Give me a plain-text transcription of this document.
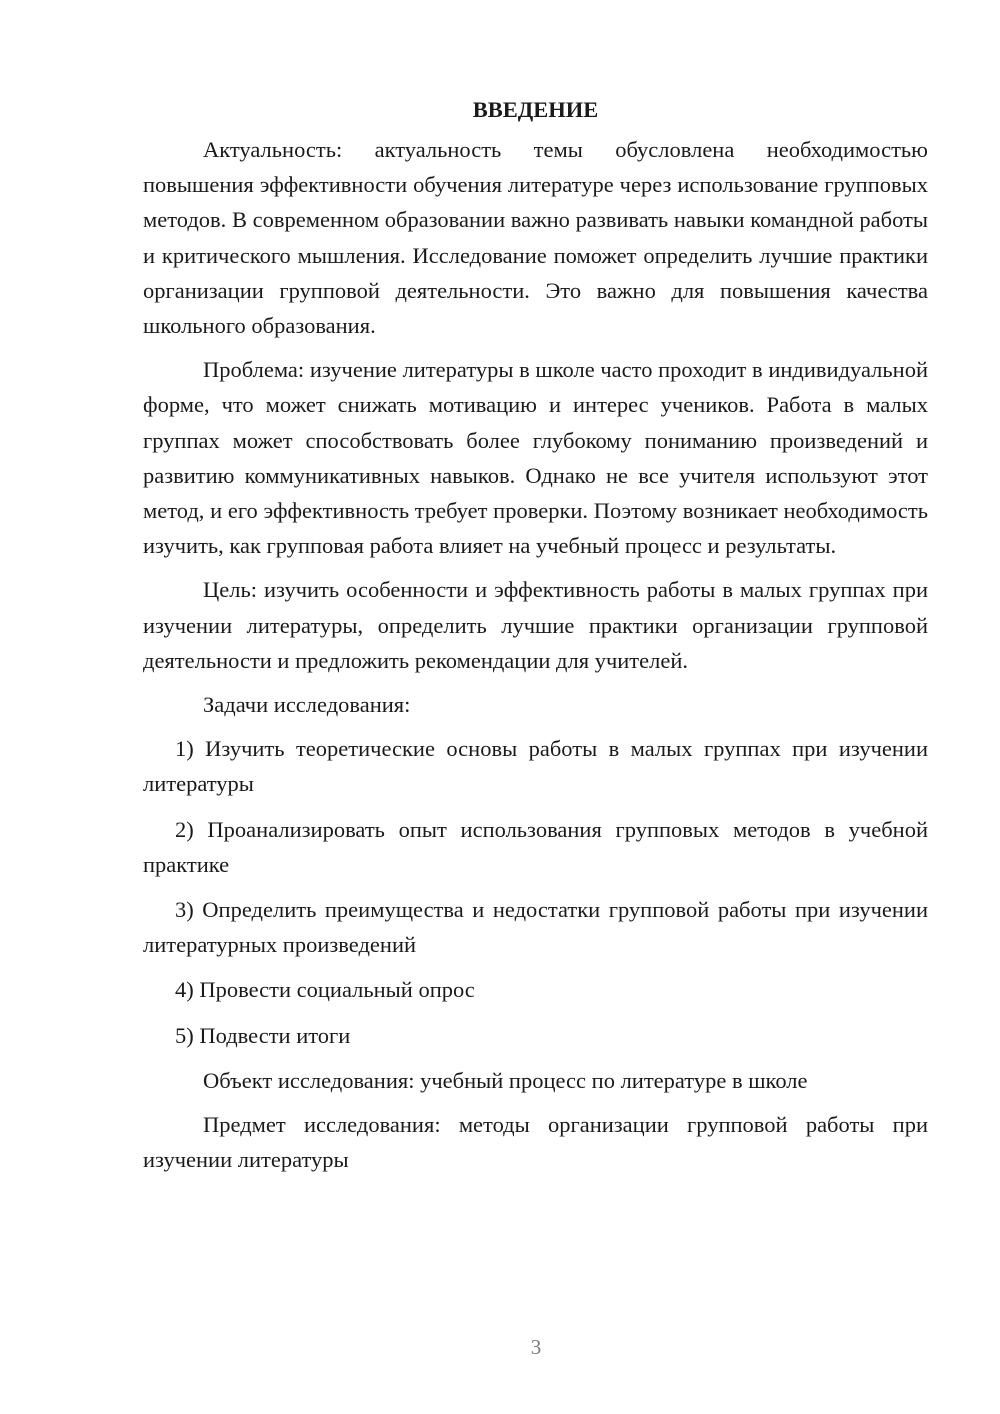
ВВЕДЕНИЕ

Актуальность: актуальность темы обусловлена необходимостью повышения эффективности обучения литературе через использование групповых методов. В современном образовании важно развивать навыки командной работы и критического мышления. Исследование поможет определить лучшие практики организации групповой деятельности. Это важно для повышения качества школьного образования.

Проблема: изучение литературы в школе часто проходит в индивидуальной форме, что может снижать мотивацию и интерес учеников. Работа в малых группах может способствовать более глубокому пониманию произведений и развитию коммуникативных навыков. Однако не все учителя используют этот метод, и его эффективность требует проверки. Поэтому возникает необходимость изучить, как групповая работа влияет на учебный процесс и результаты.

Цель: изучить особенности и эффективность работы в малых группах при изучении литературы, определить лучшие практики организации групповой деятельности и предложить рекомендации для учителей.

Задачи исследования:

1) Изучить теоретические основы работы в малых группах при изучении литературы

2) Проанализировать опыт использования групповых методов в учебной практике

3) Определить преимущества и недостатки групповой работы при изучении литературных произведений

4) Провести социальный опрос

5) Подвести итоги

Объект исследования: учебный процесс по литературе в школе

Предмет исследования: методы организации групповой работы при изучении литературы

3
